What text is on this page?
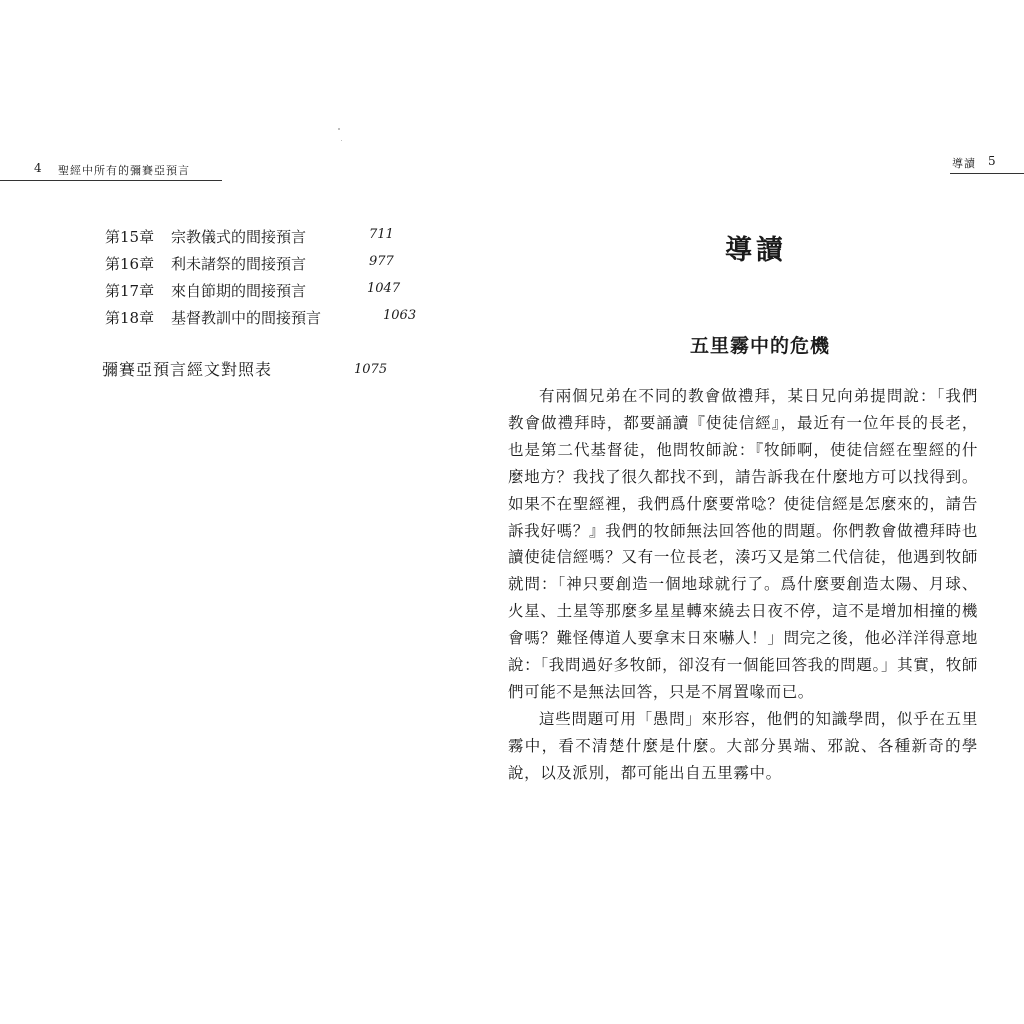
4 聖經中所有的彌賽亞預言
第15章	宗教儀式的間接預言	711
第16章	利未諸祭的間接預言	977
第17章	來自節期的間接預言	1047
第18章	基督教訓中的間接預言	1063
彌賽亞預言經文對照表	1075
導讀 5
導讀
五里霧中的危機

有兩個兄弟在不同的教會做禮拜，某日兄向弟提問說：「我們教會做禮拜時，都要誦讀『使徒信經』，最近有一位年長的長老，也是第二代基督徒，他問牧師說：『牧師啊，使徒信經在聖經的什麼地方？我找了很久都找不到，請告訴我在什麼地方可以找得到。如果不在聖經裡，我們爲什麼要常唸？使徒信經是怎麼來的，請告訴我好嗎？』我們的牧師無法回答他的問題。你們教會做禮拜時也讀使徒信經嗎？又有一位長老，湊巧又是第二代信徒，他遇到牧師就問：「神只要創造一個地球就行了。爲什麼要創造太陽、月球、火星、土星等那麼多星星轉來繞去日夜不停，這不是增加相撞的機會嗎？難怪傳道人要拿末日來嚇人！」問完之後，他必洋洋得意地說：「我問過好多牧師，卻沒有一個能回答我的問題。」其實，牧師們可能不是無法回答，只是不屑置喙而已。

這些問題可用「愚問」來形容，他們的知識學問，似乎在五里霧中，看不清楚什麼是什麼。大部分異端、邪說、各種新奇的學說，以及派別，都可能出自五里霧中。
